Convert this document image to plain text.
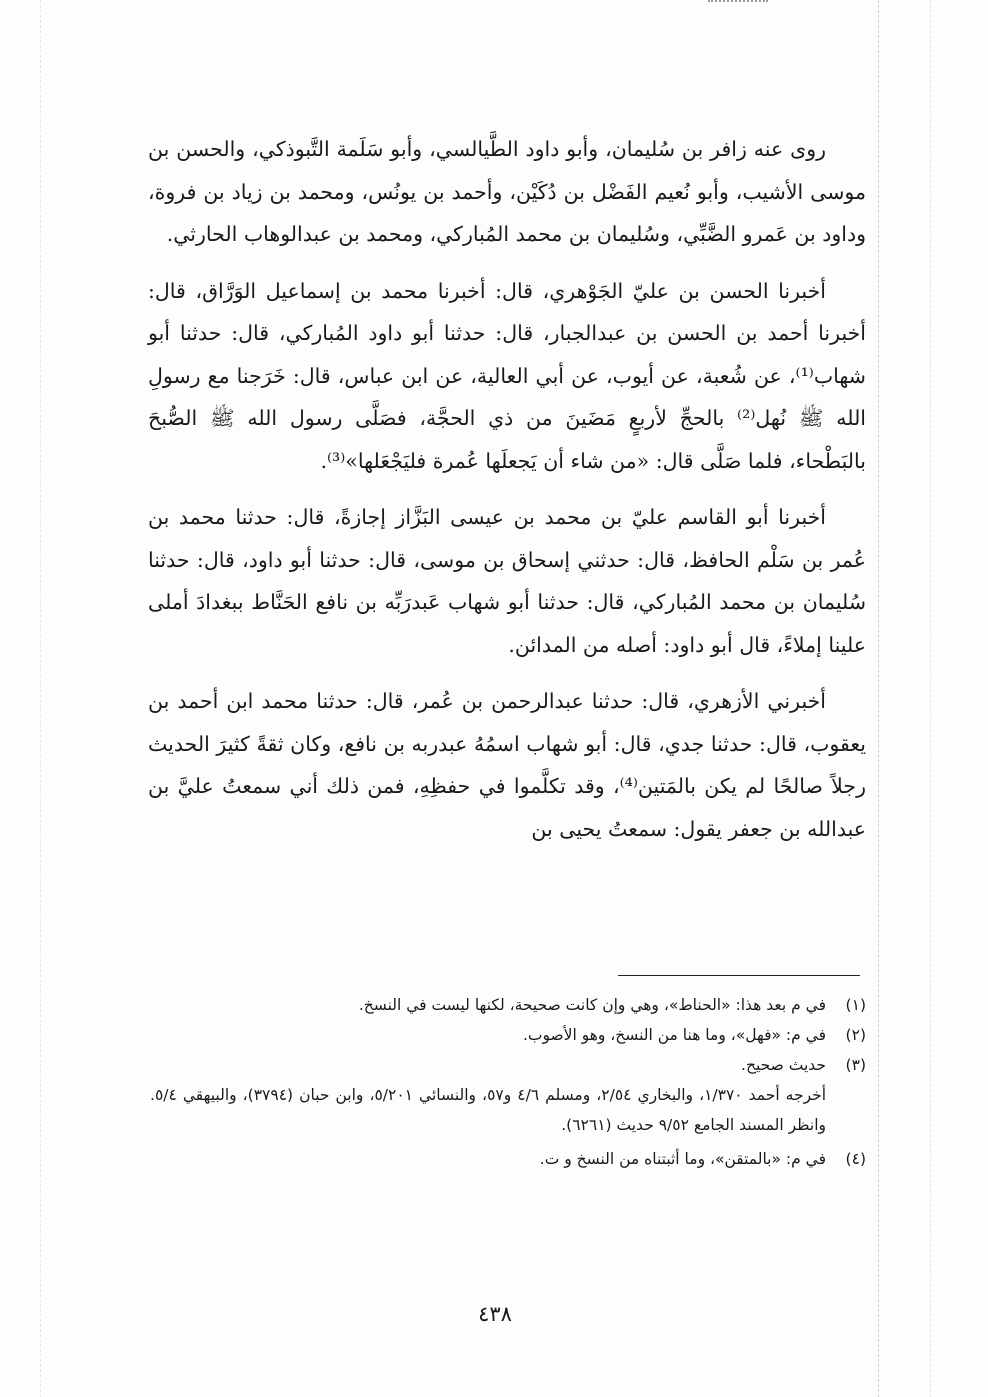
روى عنه زافر بن سُليمان، وأبو داود الطَّيالسي، وأبو سَلَمة التَّبوذكي، والحسن بن موسى الأشيب، وأبو نُعيم الفَضْل بن دُكَيْن، وأحمد بن يونُس، ومحمد بن زياد بن فروة، وداود بن عَمرو الضَّبِّي، وسُليمان بن محمد المُباركي، ومحمد بن عبدالوهاب الحارثي.

أخبرنا الحسن بن عليّ الجَوْهري، قال: أخبرنا محمد بن إسماعيل الوَرَّاق، قال: أخبرنا أحمد بن الحسن بن عبدالجبار، قال: حدثنا أبو داود المُباركي، قال: حدثنا أبو شهاب⁽¹⁾، عن شُعبة، عن أيوب، عن أبي العالية، عن ابن عباس، قال: خَرَجنا مع رسولِ الله ﷺ نُهل⁽²⁾ بالحجِّ لأربعٍ مَضَينَ من ذي الحجَّة، فصَلَّى رسول الله ﷺ الصُّبحَ بالبَطْحاء، فلما صَلَّى قال: «من شاء أن يَجعلَها عُمرة فليَجْعَلها»⁽³⁾.

أخبرنا أبو القاسم عليّ بن محمد بن عيسى البَزَّاز إجازةً، قال: حدثنا محمد بن عُمر بن سَلْم الحافظ، قال: حدثني إسحاق بن موسى، قال: حدثنا أبو داود، قال: حدثنا سُليمان بن محمد المُباركي، قال: حدثنا أبو شهاب عَبدرَبِّه بن نافع الحَنَّاط ببغدادَ أملى علينا إملاءً، قال أبو داود: أصله من المدائن.

أخبرني الأزهري، قال: حدثنا عبدالرحمن بن عُمر، قال: حدثنا محمد ابن أحمد بن يعقوب، قال: حدثنا جدي، قال: أبو شهاب اسمُهُ عبدربه بن نافع، وكان ثقةً كثيرَ الحديث رجلاً صالحًا لم يكن بالمَتين⁽⁴⁾، وقد تكلَّموا في حفظِهِ، فمن ذلك أني سمعتُ عليَّ بن عبدالله بن جعفر يقول: سمعتُ يحيى بن

(١)
في م بعد هذا: «الحناط»، وهي وإن كانت صحيحة، لكنها ليست في النسخ.
(٢)
في م: «فهل»، وما هنا من النسخ، وهو الأصوب.
(٣)
حديث صحيح.
أخرجه أحمد ١/٣٧٠، والبخاري ٢/٥٤، ومسلم ٤/٦ و٥٧، والنسائي ٥/٢٠١، وابن حبان (٣٧٩٤)، والبيهقي ٥/٤. وانظر المسند الجامع ٩/٥٢ حديث (٦٢٦١).
(٤)
في م: «بالمتقن»، وما أثبتناه من النسخ و ت.
٤٣٨
